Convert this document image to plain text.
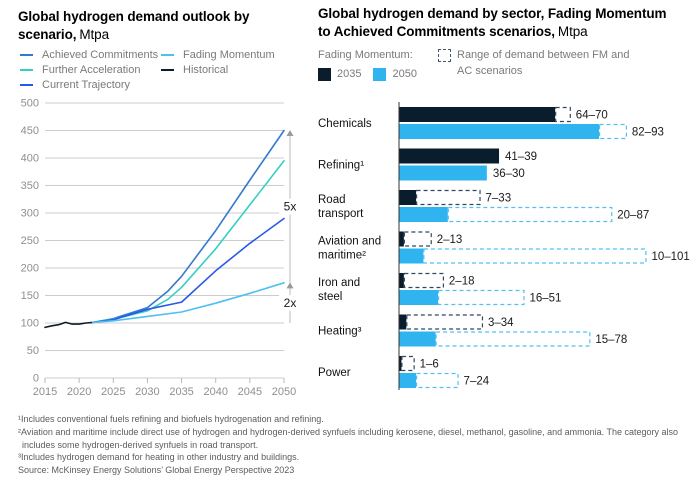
Global hydrogen demand outlook by
scenario, Mtpa
Achieved Commitments Fading Momentum
Further Acceleration	Historical
Current Trajectory
0
50
100
150
200
250
300
350
400
450
500
2015 2020 2025 2030 2035 2040 2045 2050
5x
2x
Global hydrogen demand by sector, Fading Momentum
to Achieved Commitments scenarios, Mtpa
Fading Momentum:
2035	2050
Range of demand between FM and AC scenarios
Chemicals
64–70
82–93
Refining¹
41–39
36–30
Road
transport
7–33
20–87
Aviation and
maritime²
2–13
10–101
Iron and
steel
2–18
16–51
Heating³
3–34
15–78
Power
1–6
7–24
¹Includes conventional fuels refining and biofuels hydrogenation and refining.
²Aviation and maritime include direct use of hydrogen and hydrogen-derived synfuels including kerosene, diesel, methanol, gasoline, and ammonia. The category also includes some hydrogen-derived synfuels in road transport.
³Includes hydrogen demand for heating in other industry and buildings.
Source: McKinsey Energy Solutions’ Global Energy Perspective 2023
